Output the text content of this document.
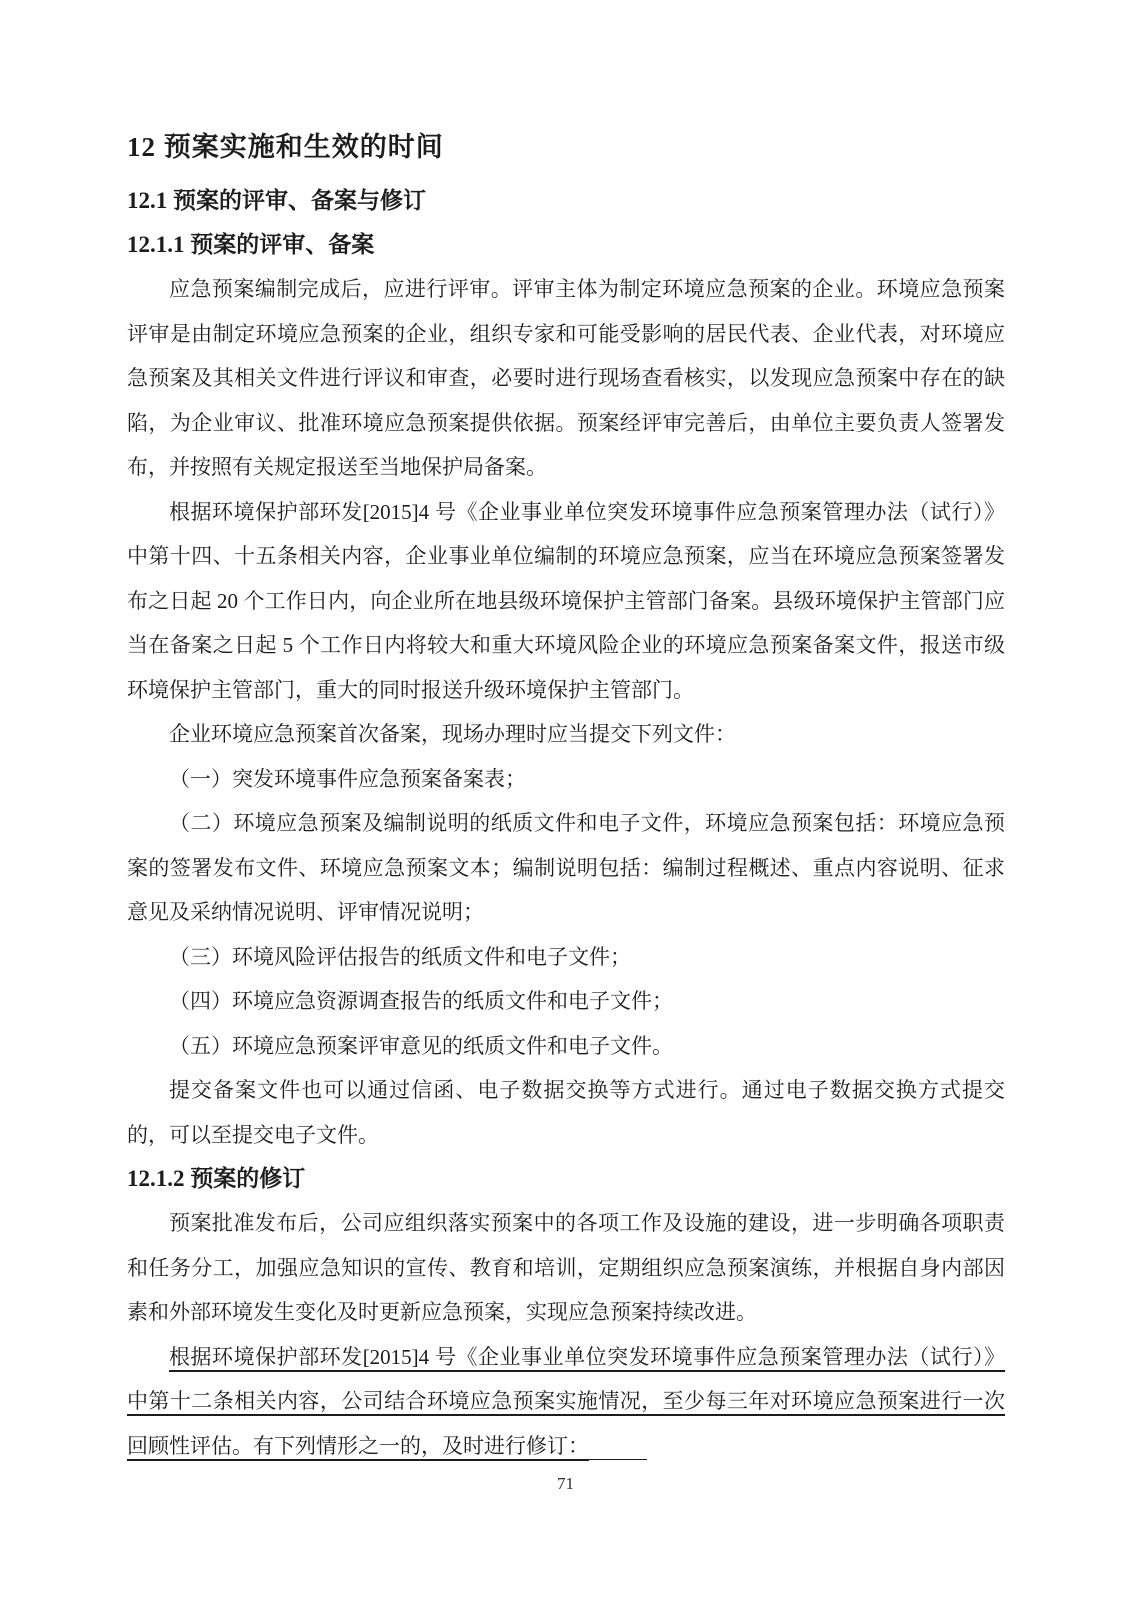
12 预案实施和生效的时间
12.1 预案的评审、备案与修订
12.1.1 预案的评审、备案

应急预案编制完成后，应进行评审。评审主体为制定环境应急预案的企业。环境应急预案评审是由制定环境应急预案的企业，组织专家和可能受影响的居民代表、企业代表，对环境应急预案及其相关文件进行评议和审查，必要时进行现场查看核实，以发现应急预案中存在的缺陷，为企业审议、批准环境应急预案提供依据。预案经评审完善后，由单位主要负责人签署发布，并按照有关规定报送至当地保护局备案。

根据环境保护部环发[2015]4 号《企业事业单位突发环境事件应急预案管理办法（试行）》中第十四、十五条相关内容，企业事业单位编制的环境应急预案，应当在环境应急预案签署发布之日起 20 个工作日内，向企业所在地县级环境保护主管部门备案。县级环境保护主管部门应当在备案之日起 5 个工作日内将较大和重大环境风险企业的环境应急预案备案文件，报送市级环境保护主管部门，重大的同时报送升级环境保护主管部门。

企业环境应急预案首次备案，现场办理时应当提交下列文件：

（一）突发环境事件应急预案备案表；

（二）环境应急预案及编制说明的纸质文件和电子文件，环境应急预案包括：环境应急预案的签署发布文件、环境应急预案文本；编制说明包括：编制过程概述、重点内容说明、征求意见及采纳情况说明、评审情况说明；

（三）环境风险评估报告的纸质文件和电子文件；

（四）环境应急资源调查报告的纸质文件和电子文件；

（五）环境应急预案评审意见的纸质文件和电子文件。

提交备案文件也可以通过信函、电子数据交换等方式进行。通过电子数据交换方式提交的，可以至提交电子文件。

12.1.2 预案的修订

预案批准发布后，公司应组织落实预案中的各项工作及设施的建设，进一步明确各项职责和任务分工，加强应急知识的宣传、教育和培训，定期组织应急预案演练，并根据自身内部因素和外部环境发生变化及时更新应急预案，实现应急预案持续改进。

根据环境保护部环发[2015]4 号《企业事业单位突发环境事件应急预案管理办法（试行）》中第十二条相关内容，公司结合环境应急预案实施情况，至少每三年对环境应急预案进行一次回顾性评估。有下列情形之一的，及时进行修订：

71
